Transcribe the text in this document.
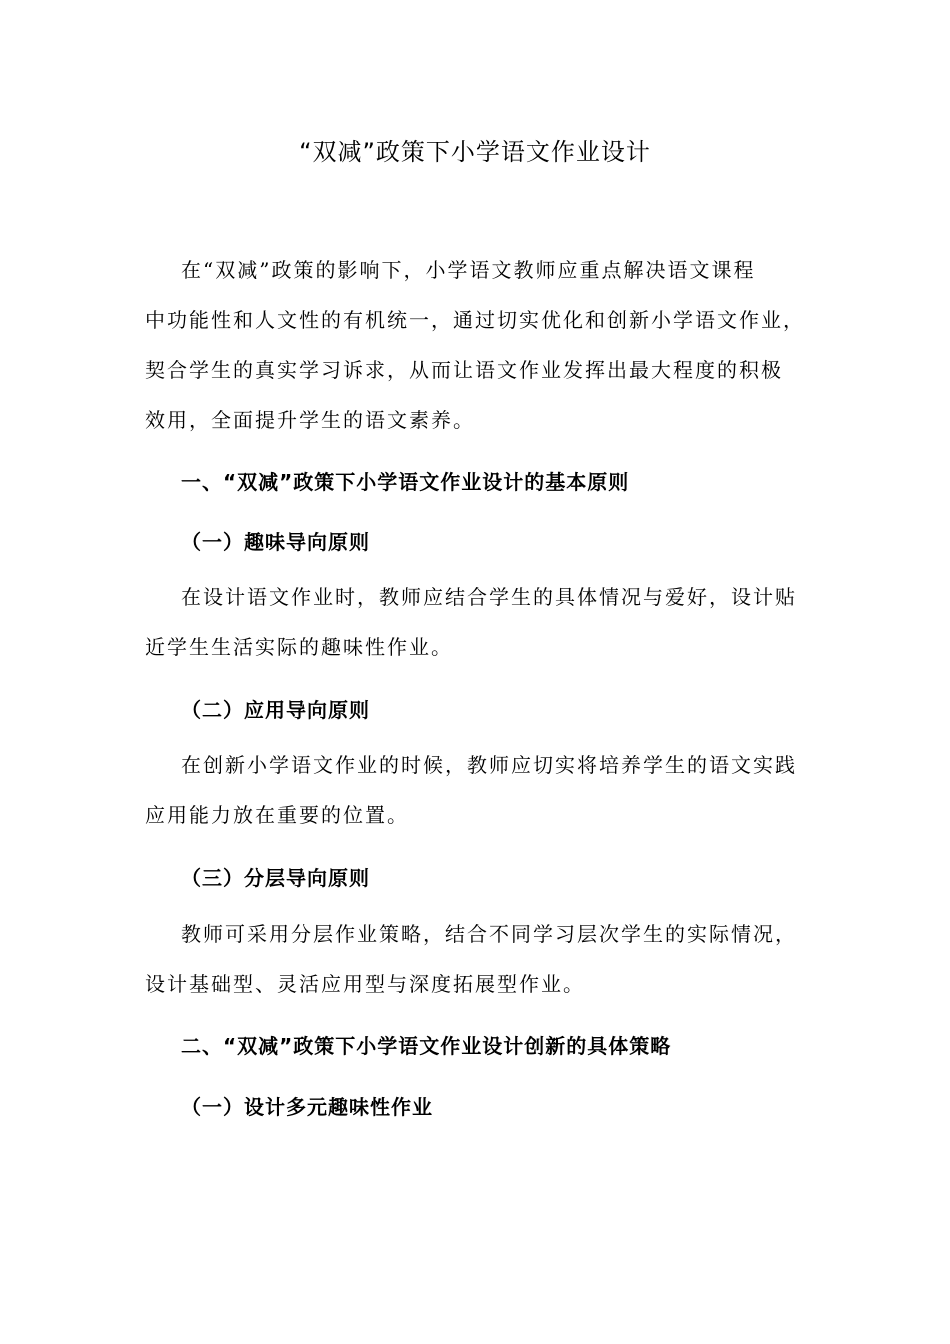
“双减”政策下小学语文作业设计
在“双减”政策的影响下，小学语文教师应重点解决语文课程
中功能性和人文性的有机统一，通过切实优化和创新小学语文作业，
契合学生的真实学习诉求，从而让语文作业发挥出最大程度的积极
效用，全面提升学生的语文素养。
一、“双减”政策下小学语文作业设计的基本原则
（一）趣味导向原则
在设计语文作业时，教师应结合学生的具体情况与爱好，设计贴
近学生生活实际的趣味性作业。
（二）应用导向原则
在创新小学语文作业的时候，教师应切实将培养学生的语文实践
应用能力放在重要的位置。
（三）分层导向原则
教师可采用分层作业策略，结合不同学习层次学生的实际情况，
设计基础型、灵活应用型与深度拓展型作业。
二、“双减”政策下小学语文作业设计创新的具体策略
（一）设计多元趣味性作业
